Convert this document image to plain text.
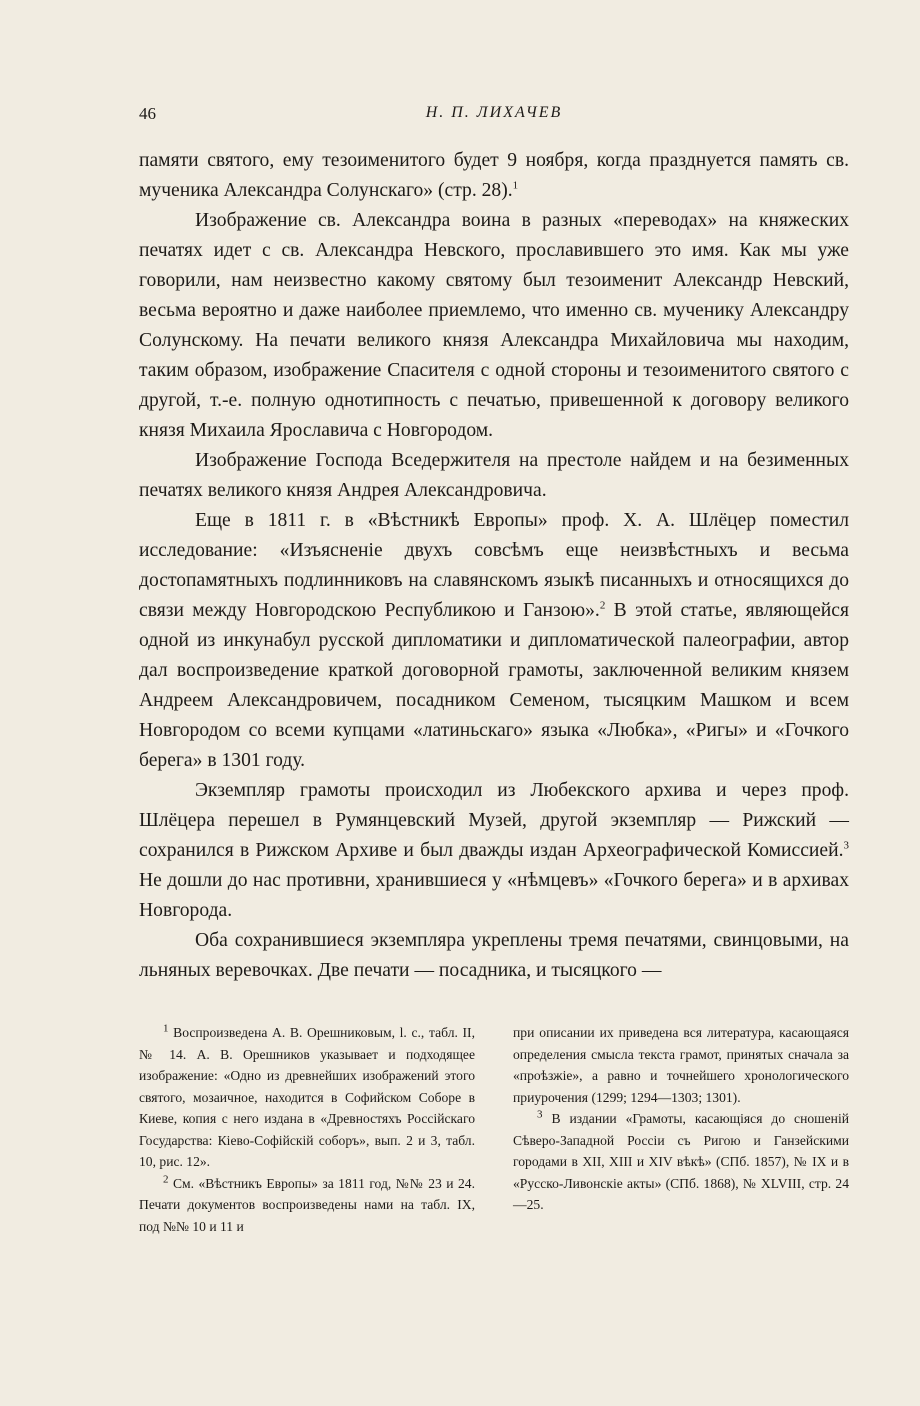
46	Н. П. ЛИХАЧЕВ

памяти святого, ему тезоименитого будет 9 ноября, когда празднуется память св. мученика Александра Солунскаго» (стр. 28).$^1$

Изображение св. Александра воина в разных «переводах» на княжеских печатях идет с св. Александра Невского, прославившего это имя. Как мы уже говорили, нам неизвестно какому святому был тезоименит Александр Невский, весьма вероятно и даже наиболее приемлемо, что именно св. мученику Александру Солунскому. На печати великого князя Александра Михайловича мы находим, таким образом, изображение Спасителя с одной стороны и тезоименитого святого с другой, т.-е. полную однотипность с печатью, привешенной к договору великого князя Михаила Ярославича с Новгородом.

Изображение Господа Вседержителя на престоле найдем и на безименных печатях великого князя Андрея Александровича.

Еще в 1811 г. в «Вѣстникѣ Европы» проф. Х. А. Шлёцер поместил исследование: «Изъясненіе двухъ совсѣмъ еще неизвѣстныхъ и весьма достопамятныхъ подлинниковъ на славянскомъ языкѣ писанныхъ и относящихся до связи между Новгородскою Республикою и Ганзою».$^2$ В этой статье, являющейся одной из инкунабул русской дипломатики и дипломатической палеографии, автор дал воспроизведение краткой договорной грамоты, заключенной великим князем Андреем Александровичем, посадником Семеном, тысяцким Машком и всем Новгородом со всеми купцами «латиньскаго» языка «Любка», «Ригы» и «Гочкого берега» в 1301 году.

Экземпляр грамоты происходил из Любекского архива и через проф. Шлёцера перешел в Румянцевский Музей, другой экземпляр — Рижский — сохранился в Рижском Архиве и был дважды издан Археографической Комиссией.$^3$ Не дошли до нас противни, хранившиеся у «нѣмцевъ» «Гочкого берега» и в архивах Новгорода.

Оба сохранившиеся экземпляра укреплены тремя печатями, свинцовыми, на льняных веревочках. Две печати — посадника, и тысяцкого —

$^1$ Воспроизведена А. В. Орешниковым, l. c., табл. II, № 14. А. В. Орешников указывает и подходящее изображение: «Одно из древнейших изображений этого святого, мозаичное, находится в Софийском Соборе в Киеве, копия с него издана в «Древностяхъ Россійскаго Государства: Кіево-Софійскій соборъ», вып. 2 и 3, табл. 10, рис. 12».

$^2$ См. «Вѣстникъ Европы» за 1811 год, №№ 23 и 24. Печати документов воспроизведены нами на табл. IX, под №№ 10 и 11 и

при описании их приведена вся литература, касающаяся определения смысла текста грамот, принятых сначала за «проѣзжіе», а равно и точнейшего хронологического приурочения (1299; 1294—1303; 1301).

$^3$ В издании «Грамоты, касающіяся до сношеній Сѣверо-Западной Россіи съ Ригою и Ганзейскими городами в XII, XIII и XIV вѣкѣ» (СПб. 1857), № IX и в «Русско-Ливонскіе акты» (СПб. 1868), № XLVIII, стр. 24—25.
